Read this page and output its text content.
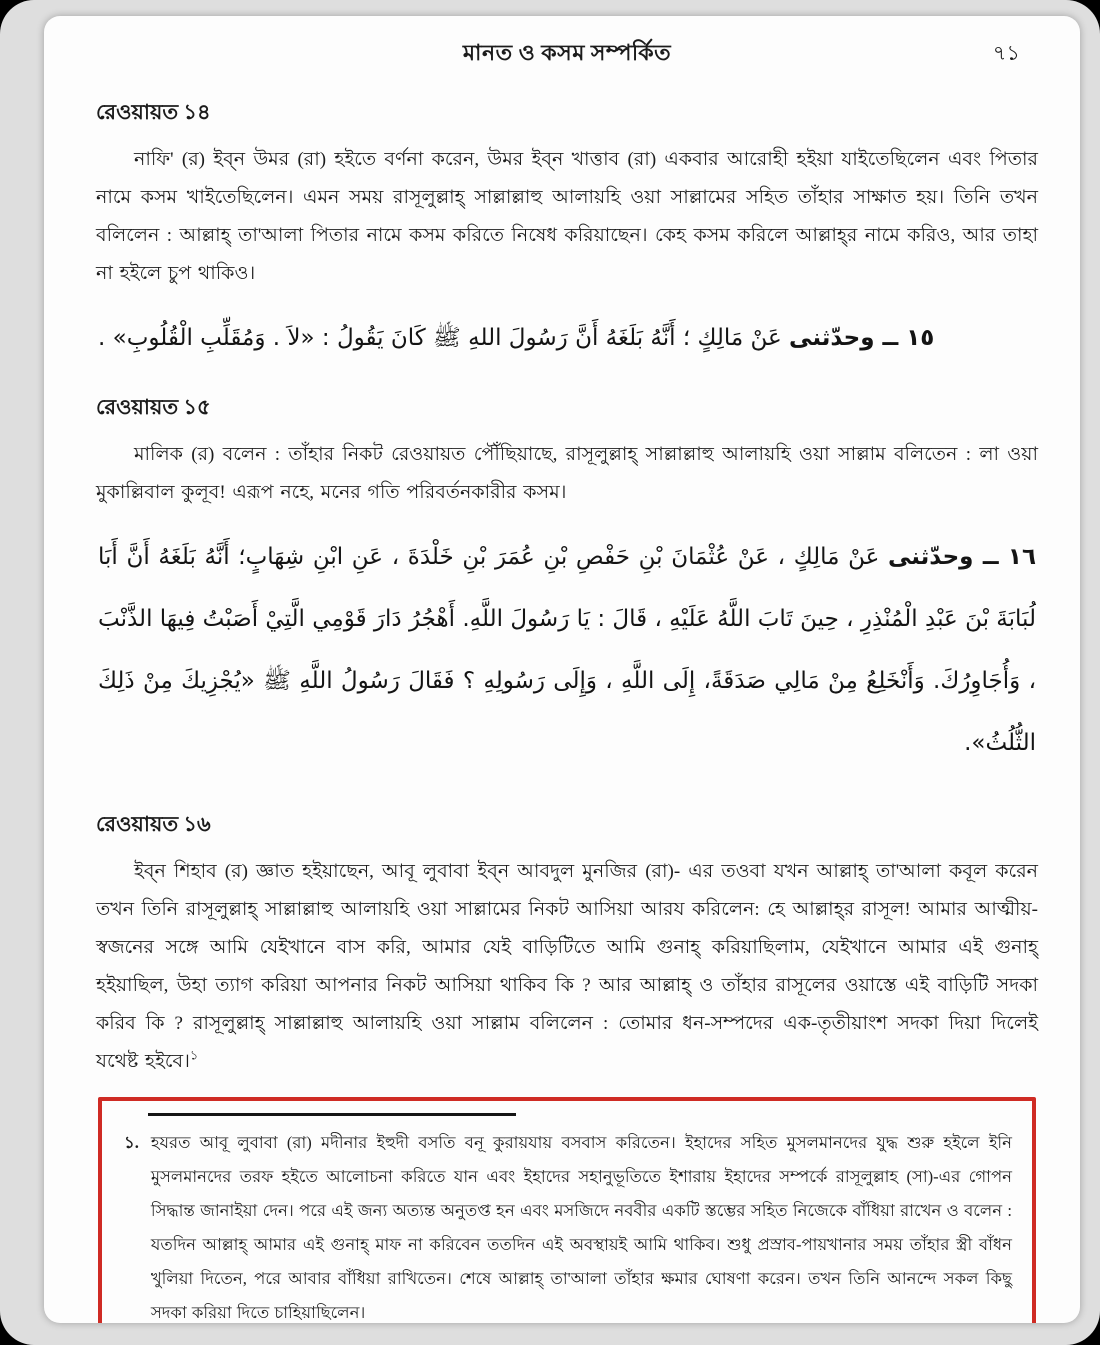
মানত ও কসম সম্পর্কিত	৭১
রেওয়ায়ত ১৪

নাফি' (র) ইব্‌ন উমর (রা) হইতে বর্ণনা করেন, উমর ইব্‌ন খাত্তাব (রা) একবার আরোহী হইয়া যাইতেছিলেন এবং পিতার নামে কসম খাইতেছিলেন। এমন সময় রাসূলুল্লাহ্ সাল্লাল্লাহু আলায়হি ওয়া সাল্লামের সহিত তাঁহার সাক্ষাত হয়। তিনি তখন বলিলেন : আল্লাহ্ তা'আলা পিতার নামে কসম করিতে নিষেধ করিয়াছেন। কেহ কসম করিলে আল্লাহ্‌র নামে করিও, আর তাহা না হইলে চুপ থাকিও।

١٥ ــ وحدّثنى عَنْ مَالِكٍ ؛ أَنَّهُ بَلَغَهُ أَنَّ رَسُولَ اللهِ ﷺ كَانَ يَقُولُ : «لاَ . وَمُقَلِّبِ الْقُلُوبِ» .
রেওয়ায়ত ১৫

মালিক (র) বলেন : তাঁহার নিকট রেওয়ায়ত পৌঁছিয়াছে, রাসূলুল্লাহ্ সাল্লাল্লাহু আলায়হি ওয়া সাল্লাম বলিতেন : লা ওয়া মুকাল্লিবাল কুলূব! এরূপ নহে, মনের গতি পরিবর্তনকারীর কসম।

١٦ ــ وحدّثنى عَنْ مَالِكٍ ، عَنْ عُثْمَانَ بْنِ حَفْصِ بْنِ عُمَرَ بْنِ خَلْدَةَ ، عَنِ ابْنِ شِهَابٍ؛ أَنَّهُ بَلَغَهُ أَنَّ أَبَا لُبَابَةَ بْنَ عَبْدِ الْمُنْذِرِ ، حِينَ تَابَ اللَّهُ عَلَيْهِ ، قَالَ : يَا رَسُولَ اللَّهِ. أَهْجُرُ دَارَ قَوْمِي الَّتِيْ أَصَبْتُ فِيهَا الذَّنْبَ ، وَأُجَاوِرُكَ. وَأَنْخَلِعُ مِنْ مَالِي صَدَقَةً، إِلَى اللَّهِ ، وَإِلَى رَسُولِهِ ؟ فَقَالَ رَسُولُ اللَّهِ ﷺ «يُجْزِيكَ مِنْ ذَلِكَ الثُّلُثُ».
রেওয়ায়ত ১৬

ইব্‌ন শিহাব (র) জ্ঞাত হইয়াছেন, আবূ লুবাবা ইব্‌ন আবদুল মুনজির (রা)- এর তওবা যখন আল্লাহ্ তা'আলা কবূল করেন তখন তিনি রাসূলুল্লাহ্ সাল্লাল্লাহু আলায়হি ওয়া সাল্লামের নিকট আসিয়া আরয করিলেন: হে আল্লাহ্‌র রাসূল! আমার আত্মীয়-স্বজনের সঙ্গে আমি যেইখানে বাস করি, আমার যেই বাড়িটিতে আমি গুনাহ্ করিয়াছিলাম, যেইখানে আমার এই গুনাহ্ হইয়াছিল, উহা ত্যাগ করিয়া আপনার নিকট আসিয়া থাকিব কি ? আর আল্লাহ্ ও তাঁহার রাসূলের ওয়াস্তে এই বাড়িটি সদকা করিব কি ? রাসূলুল্লাহ্ সাল্লাল্লাহু আলায়হি ওয়া সাল্লাম বলিলেন : তোমার ধন-সম্পদের এক-তৃতীয়াংশ সদকা দিয়া দিলেই যথেষ্ট হইবে।$^১$

১. হযরত আবূ লুবাবা (রা) মদীনার ইহুদী বসতি বনূ কুরায়যায় বসবাস করিতেন। ইহাদের সহিত মুসলমানদের যুদ্ধ শুরু হইলে ইনি মুসলমানদের তরফ হইতে আলোচনা করিতে যান এবং ইহাদের সহানুভূতিতে ইশারায় ইহাদের সম্পর্কে রাসূলুল্লাহ (সা)-এর গোপন সিদ্ধান্ত জানাইয়া দেন। পরে এই জন্য অত্যন্ত অনুতপ্ত হন এবং মসজিদে নববীর একটি স্তম্ভের সহিত নিজেকে বাঁধিয়া রাখেন ও বলেন : যতদিন আল্লাহ্ আমার এই গুনাহ্ মাফ না করিবেন ততদিন এই অবস্থায়ই আমি থাকিব। শুধু প্রস্রাব-পায়খানার সময় তাঁহার স্ত্রী বাঁধন খুলিয়া দিতেন, পরে আবার বাঁধিয়া রাখিতেন। শেষে আল্লাহ্ তা'আলা তাঁহার ক্ষমার ঘোষণা করেন। তখন তিনি আনন্দে সকল কিছু সদকা করিয়া দিতে চাহিয়াছিলেন।
